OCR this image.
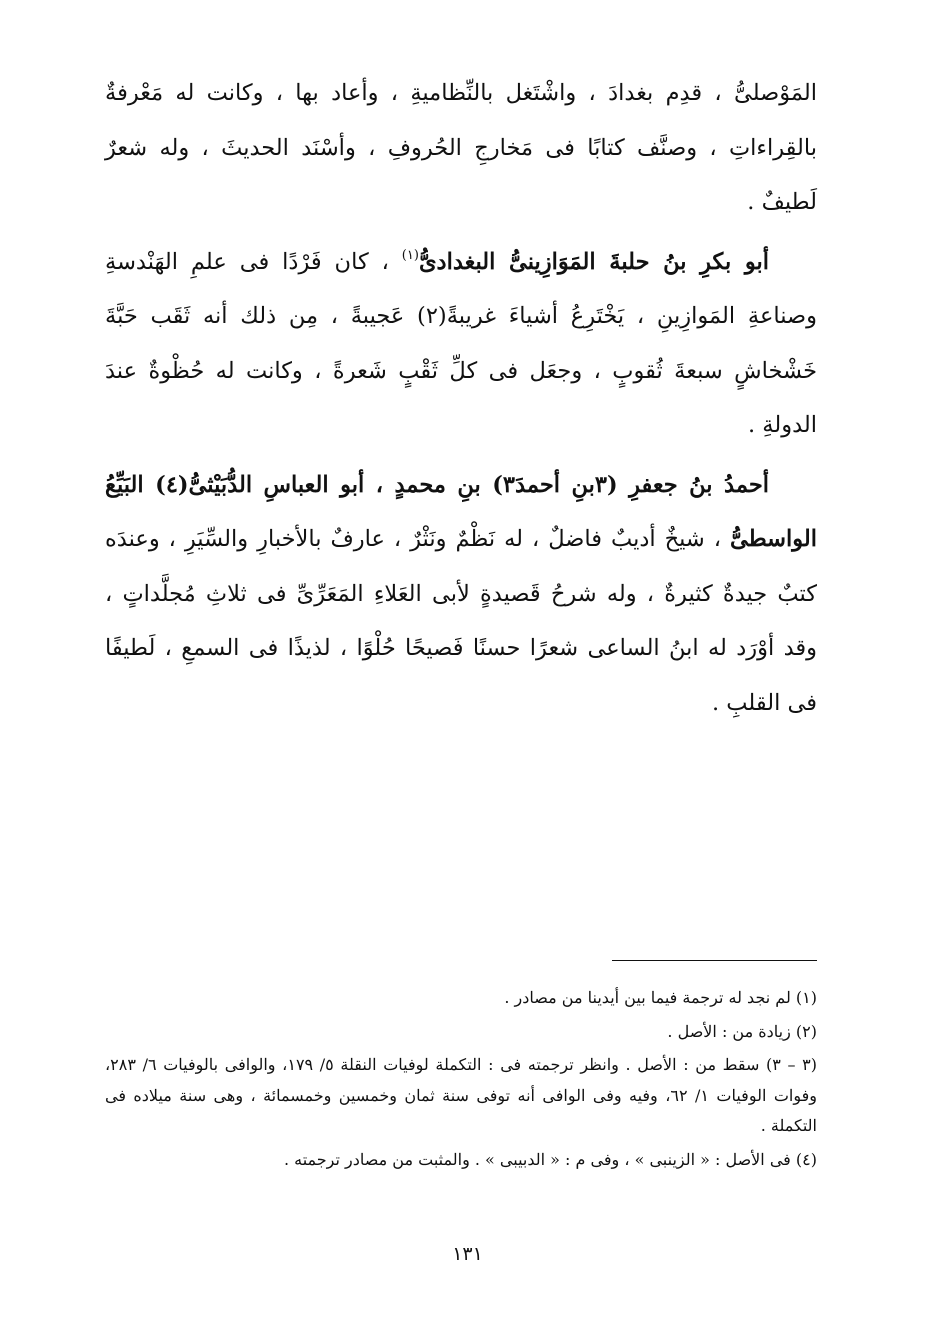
المَوْصلىُّ ، قدِم بغدادَ ، واشْتَغل بالنِّظاميةِ ، وأعاد بها ، وكانت له مَعْرفةٌ بالقِراءاتِ ، وصنَّف كتابًا فى مَخارجِ الحُروفِ ، وأسْنَد الحديثَ ، وله شعرٌ لَطيفٌ .

أبو بكرِ بنُ حلبةَ المَوَازِينىُّ البغدادىُّ$^{(١)}$ ، كان فَرْدًا فى علمِ الهَنْدسةِ وصناعةِ المَوازِينِ ، يَخْتَرِعُ أشياءَ غريبةً(٢) عَجيبةً ، مِن ذلك أنه ثَقَب حَبَّةَ خَشْخاشٍ سبعةَ ثُقوبٍ ، وجعَل فى كلِّ ثَقْبٍ شَعرةً ، وكانت له حُظْوةٌ عندَ الدولةِ .

أحمدُ بنُ جعفرِ (٣بنِ أحمدَ٣) بنِ محمدٍ ، أبو العباسِ الدُّبَيْثىُّ(٤) البَيِّعُ الواسطىُّ ، شيخٌ أديبٌ فاضلٌ ، له نَظْمٌ ونَثْرٌ ، عارفٌ بالأخبارِ والسِّيَرِ ، وعندَه كتبٌ جيدةٌ كثيرةٌ ، وله شرحُ قَصيدةٍ لأبى العَلاءِ المَعَرِّىِّ فى ثلاثِ مُجلَّداتٍ ، وقد أوْرَد له ابنُ الساعى شعرًا حسنًا فَصيحًا حُلْوًا ، لذيذًا فى السمعِ ، لَطيفًا فى القلبِ .

(١) لم نجد له ترجمة فيما بين أيدينا من مصادر .

(٢) زيادة من : الأصل .

(٣ – ٣) سقط من : الأصل . وانظر ترجمته فى : التكملة لوفيات النقلة ٥/ ١٧٩، والوافى بالوفيات ٦/ ٢٨٣، وفوات الوفيات ١/ ٦٢، وفيه وفى الوافى أنه توفى سنة ثمان وخمسين وخمسمائة ، وهى سنة ميلاده فى التكملة .

(٤) فى الأصل : « الزينبى » ، وفى م : « الدبيبى » . والمثبت من مصادر ترجمته .

١٣١
